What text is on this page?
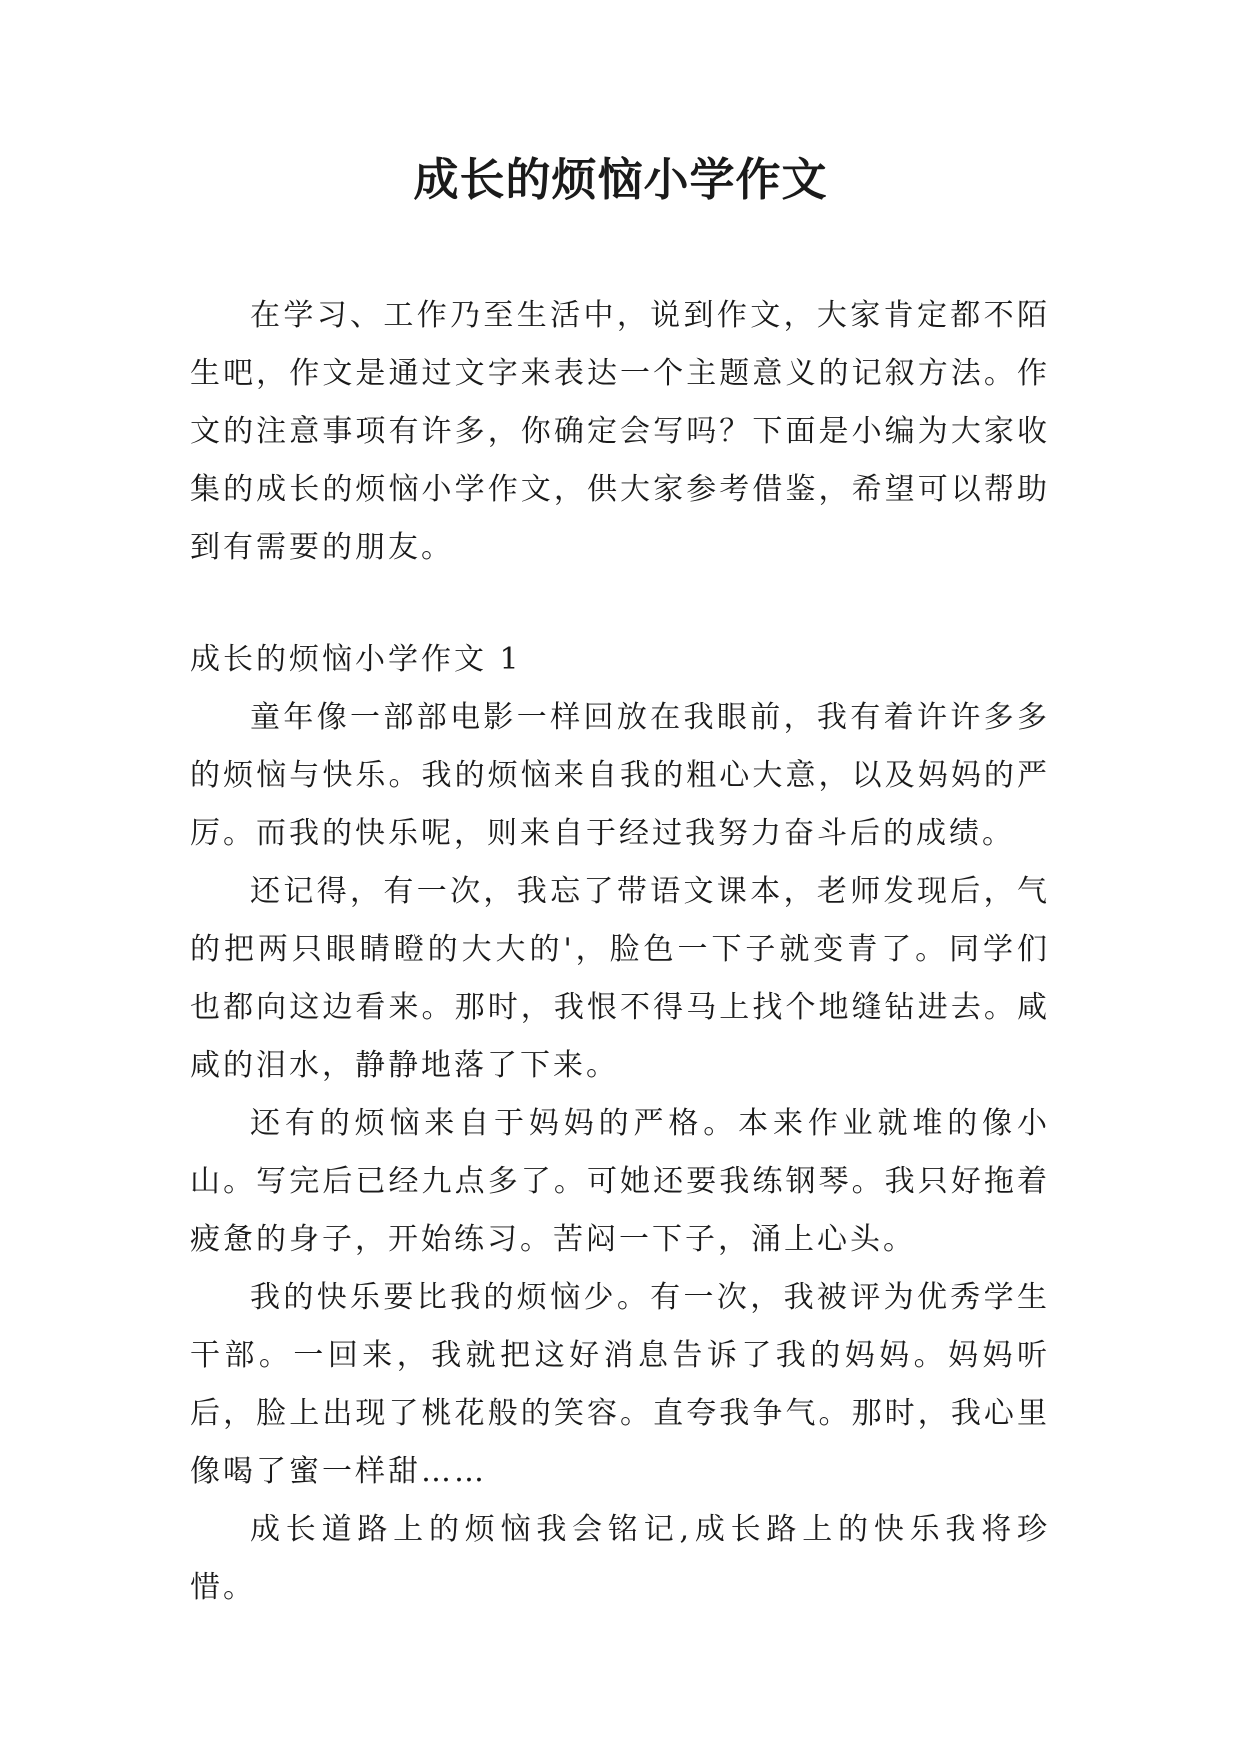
成长的烦恼小学作文

在学习、工作乃至生活中，说到作文，大家肯定都不陌生吧，作文是通过文字来表达一个主题意义的记叙方法。作文的注意事项有许多，你确定会写吗？下面是小编为大家收集的成长的烦恼小学作文，供大家参考借鉴，希望可以帮助到有需要的朋友。

成长的烦恼小学作文 1

童年像一部部电影一样回放在我眼前，我有着许许多多的烦恼与快乐。我的烦恼来自我的粗心大意，以及妈妈的严厉。而我的快乐呢，则来自于经过我努力奋斗后的成绩。

还记得，有一次，我忘了带语文课本，老师发现后，气的把两只眼睛瞪的大大的'，脸色一下子就变青了。同学们也都向这边看来。那时，我恨不得马上找个地缝钻进去。咸咸的泪水，静静地落了下来。

还有的烦恼来自于妈妈的严格。本来作业就堆的像小山。写完后已经九点多了。可她还要我练钢琴。我只好拖着疲惫的身子，开始练习。苦闷一下子，涌上心头。

我的快乐要比我的烦恼少。有一次，我被评为优秀学生干部。一回来，我就把这好消息告诉了我的妈妈。妈妈听后，脸上出现了桃花般的笑容。直夸我争气。那时，我心里像喝了蜜一样甜……

成长道路上的烦恼我会铭记,成长路上的快乐我将珍惜。
